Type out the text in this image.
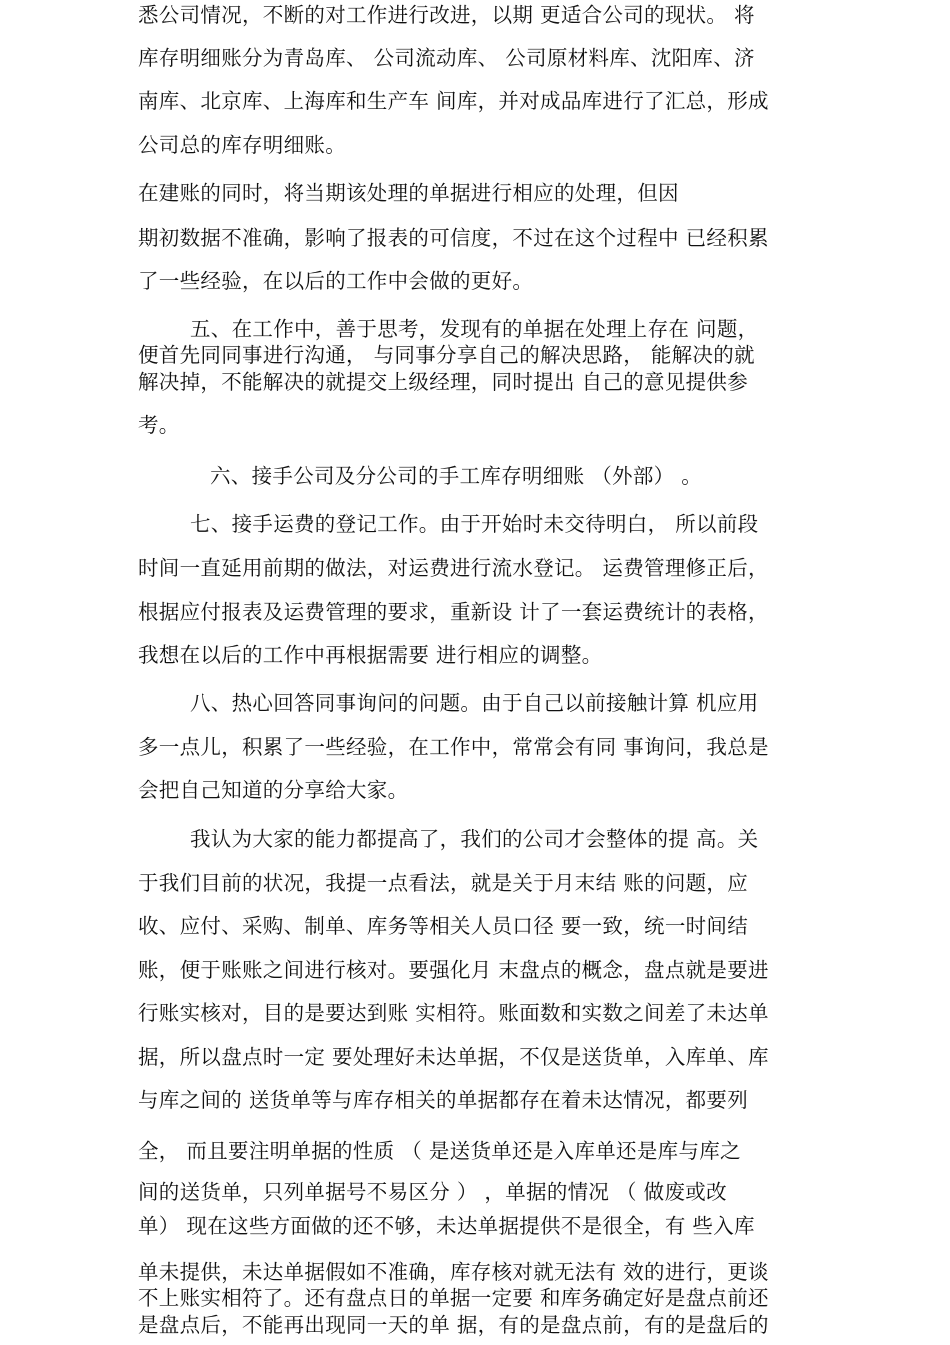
悉公司情况，不断的对工作进行改进，以期 更适合公司的现状。 将

库存明细账分为青岛库、 公司流动库、 公司原材料库、沈阳库、济

南库、北京库、上海库和生产车 间库，并对成品库进行了汇总，形成

公司总的库存明细账。

在建账的同时，将当期该处理的单据进行相应的处理，但因

期初数据不准确，影响了报表的可信度，不过在这个过程中 已经积累

了一些经验，在以后的工作中会做的更好。

五、在工作中，善于思考，发现有的单据在处理上存在 问题，

便首先同同事进行沟通， 与同事分享自己的解决思路， 能解决的就

解决掉，不能解决的就提交上级经理，同时提出 自己的意见提供参

考。

六、接手公司及分公司的手工库存明细账 （外部） 。

七、接手运费的登记工作。由于开始时未交待明白， 所以前段

时间一直延用前期的做法，对运费进行流水登记。 运费管理修正后，

根据应付报表及运费管理的要求，重新设 计了一套运费统计的表格，

我想在以后的工作中再根据需要 进行相应的调整。

八、热心回答同事询问的问题。由于自己以前接触计算 机应用

多一点儿，积累了一些经验，在工作中，常常会有同 事询问，我总是

会把自己知道的分享给大家。

我认为大家的能力都提高了，我们的公司才会整体的提 高。关

于我们目前的状况，我提一点看法，就是关于月末结 账的问题，应

收、应付、采购、制单、库务等相关人员口径 要一致，统一时间结

账，便于账账之间进行核对。要强化月 末盘点的概念，盘点就是要进

行账实核对，目的是要达到账 实相符。账面数和实数之间差了未达单

据，所以盘点时一定 要处理好未达单据，不仅是送货单，入库单、库

与库之间的 送货单等与库存相关的单据都存在着未达情况，都要列

全， 而且要注明单据的性质 （ 是送货单还是入库单还是库与库之

间的送货单，只列单据号不易区分 ） ，单据的情况 （ 做废或改

单） 现在这些方面做的还不够，未达单据提供不是很全，有 些入库

单未提供，未达单据假如不准确，库存核对就无法有 效的进行，更谈

不上账实相符了。还有盘点日的单据一定要 和库务确定好是盘点前还

是盘点后，不能再出现同一天的单 据，有的是盘点前，有的是盘后的
